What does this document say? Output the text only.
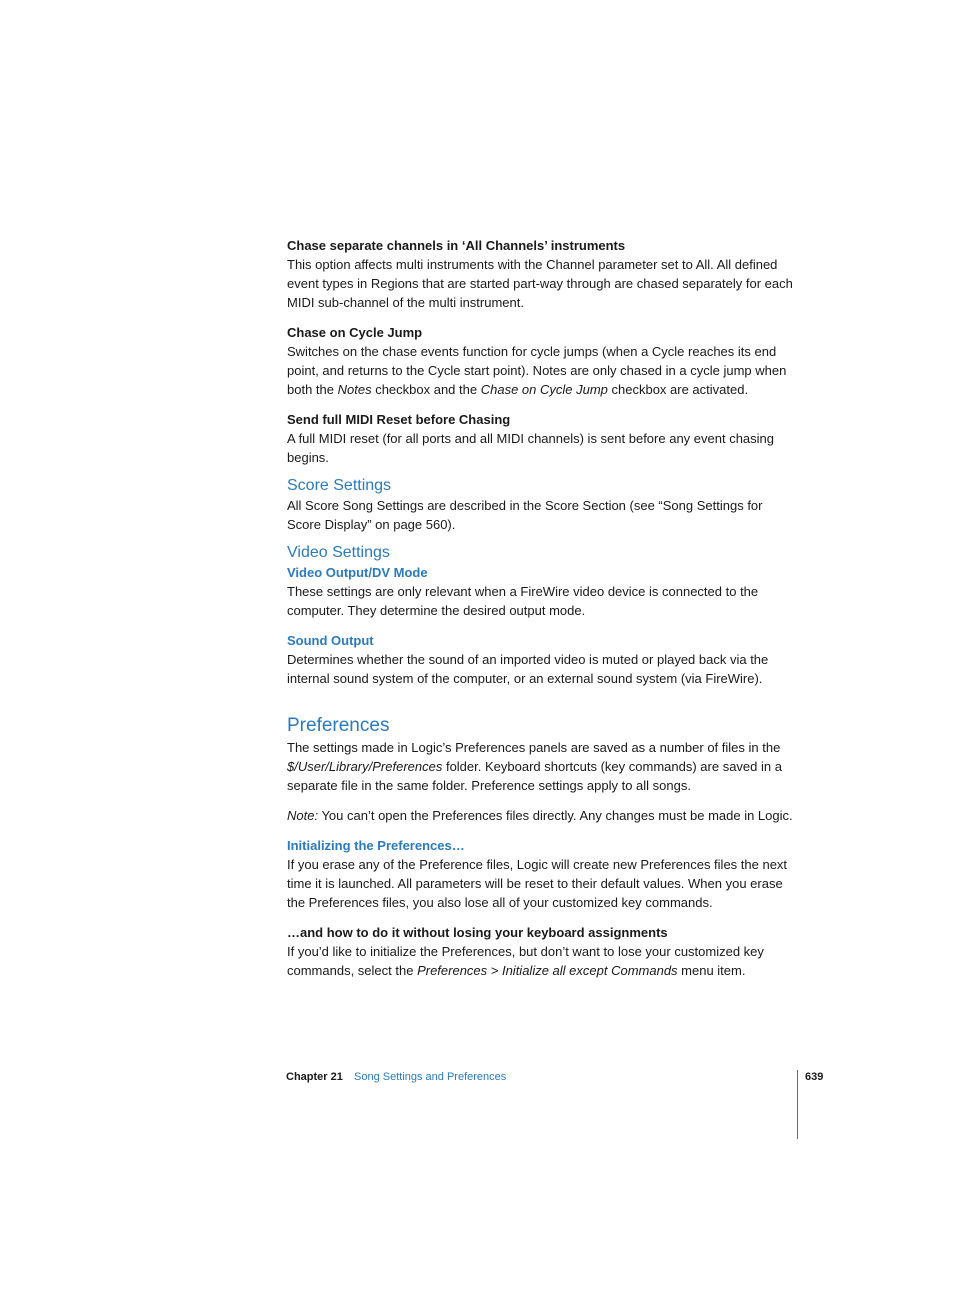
Chase separate channels in ‘All Channels’ instruments

This option affects multi instruments with the Channel parameter set to All. All defined event types in Regions that are started part-way through are chased separately for each MIDI sub-channel of the multi instrument.

Chase on Cycle Jump

Switches on the chase events function for cycle jumps (when a Cycle reaches its end point, and returns to the Cycle start point). Notes are only chased in a cycle jump when both the Notes checkbox and the Chase on Cycle Jump checkbox are activated.

Send full MIDI Reset before Chasing

A full MIDI reset (for all ports and all MIDI channels) is sent before any event chasing begins.

Score Settings

All Score Song Settings are described in the Score Section (see “Song Settings for Score Display” on page 560).

Video Settings

Video Output/DV Mode

These settings are only relevant when a FireWire video device is connected to the computer. They determine the desired output mode.

Sound Output

Determines whether the sound of an imported video is muted or played back via the internal sound system of the computer, or an external sound system (via FireWire).

Preferences

The settings made in Logic’s Preferences panels are saved as a number of files in the $/User/Library/Preferences folder. Keyboard shortcuts (key commands) are saved in a separate file in the same folder. Preference settings apply to all songs.

Note: You can’t open the Preferences files directly. Any changes must be made in Logic.

Initializing the Preferences…

If you erase any of the Preference files, Logic will create new Preferences files the next time it is launched. All parameters will be reset to their default values. When you erase the Preferences files, you also lose all of your customized key commands.

…and how to do it without losing your keyboard assignments

If you’d like to initialize the Preferences, but don’t want to lose your customized key commands, select the Preferences > Initialize all except Commands menu item.

Chapter 21 Song Settings and Preferences	639
